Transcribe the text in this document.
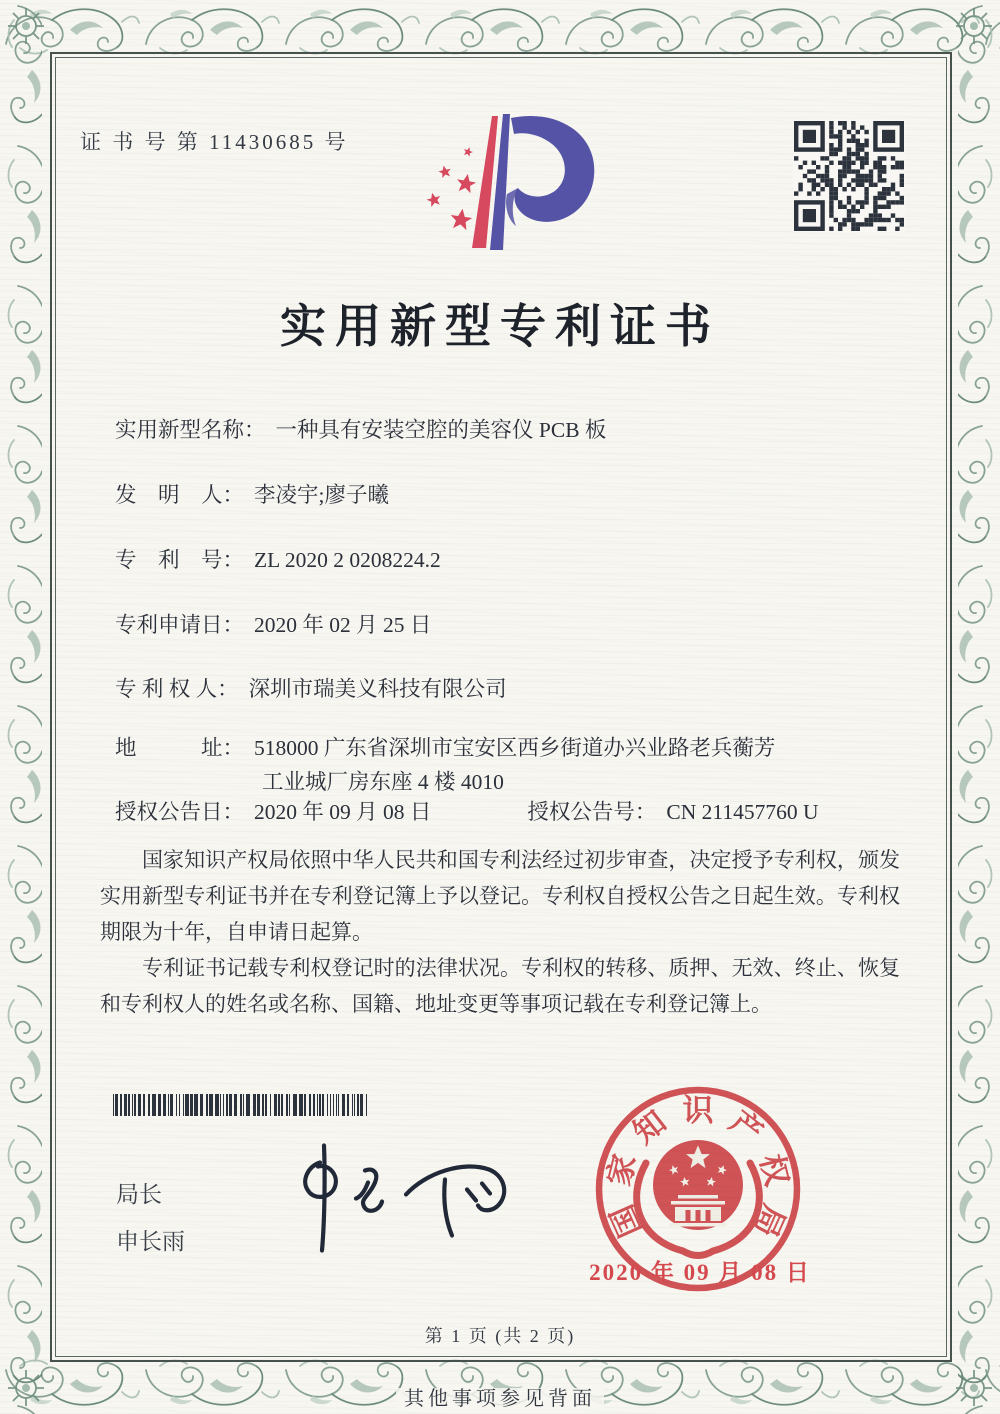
证 书 号 第 11430685 号
实用新型专利证书
实用新型名称： 一种具有安装空腔的美容仪 PCB 板
发　明　人： 李凌宇;廖子曦
专　利　号： ZL 2020 2 0208224.2
专利申请日： 2020 年 02 月 25 日
专 利 权 人： 深圳市瑞美义科技有限公司
地　　　址： 518000 广东省深圳市宝安区西乡街道办兴业路老兵蘅芳
工业城厂房东座 4 楼 4010
授权公告日： 2020 年 09 月 08 日	授权公告号： CN 211457760 U

国家知识产权局依照中华人民共和国专利法经过初步审查，决定授予专利权，颁发实用新型专利证书并在专利登记簿上予以登记。专利权自授权公告之日起生效。专利权期限为十年，自申请日起算。

专利证书记载专利权登记时的法律状况。专利权的转移、质押、无效、终止、恢复和专利权人的姓名或名称、国籍、地址变更等事项记载在专利登记簿上。

局长
申长雨	国
家
知 识 产
权
局
2020 年 09 月 08 日
第 1 页 (共 2 页)
其他事项参见背面
